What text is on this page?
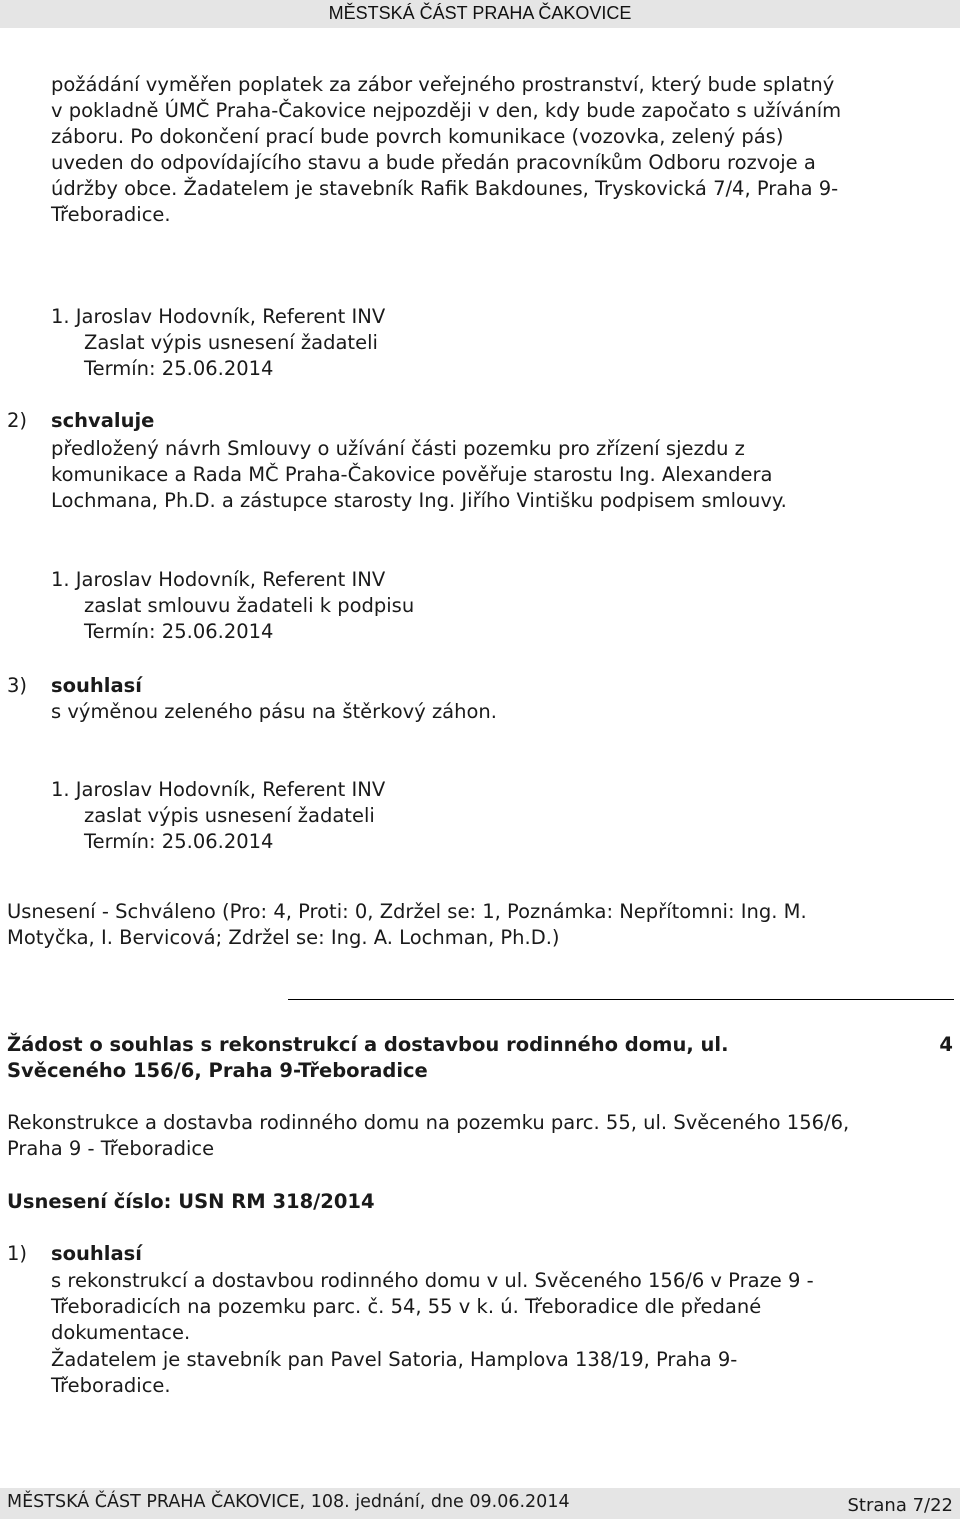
MĚSTSKÁ ČÁST PRAHA ČAKOVICE
požádání vyměřen poplatek za zábor veřejného prostranství, který bude splatný
v pokladně ÚMČ Praha-Čakovice nejpozději v den, kdy bude započato s užíváním
záboru. Po dokončení prací bude povrch komunikace (vozovka, zelený pás)
uveden do odpovídajícího stavu a bude předán pracovníkům Odboru rozvoje a
údržby obce. Žadatelem je stavebník Rafik Bakdounes, Tryskovická 7/4, Praha 9-
Třeboradice.
1. Jaroslav Hodovník, Referent INV
Zaslat výpis usnesení žadateli
Termín: 25.06.2014
2) schvaluje
předložený návrh Smlouvy o užívání části pozemku pro zřízení sjezdu z
komunikace a Rada MČ Praha-Čakovice pověřuje starostu Ing. Alexandera
Lochmana, Ph.D. a zástupce starosty Ing. Jiřího Vintišku podpisem smlouvy.
1. Jaroslav Hodovník, Referent INV
zaslat smlouvu žadateli k podpisu
Termín: 25.06.2014
3) souhlasí
s výměnou zeleného pásu na štěrkový záhon.
1. Jaroslav Hodovník, Referent INV
zaslat výpis usnesení žadateli
Termín: 25.06.2014
Usnesení - Schváleno (Pro: 4, Proti: 0, Zdržel se: 1, Poznámka: Nepřítomni: Ing. M.
Motyčka, I. Bervicová; Zdržel se: Ing. A. Lochman, Ph.D.)
Žádost o souhlas s rekonstrukcí a dostavbou rodinného domu, ul.	4
Svěceného 156/6, Praha 9-Třeboradice
Rekonstrukce a dostavba rodinného domu na pozemku parc. 55, ul. Svěceného 156/6,
Praha 9 - Třeboradice
Usnesení číslo: USN RM 318/2014
1) souhlasí
s rekonstrukcí a dostavbou rodinného domu v ul. Svěceného 156/6 v Praze 9 -
Třeboradicích na pozemku parc. č. 54, 55 v k. ú. Třeboradice dle předané
dokumentace.
Žadatelem je stavebník pan Pavel Satoria, Hamplova 138/19, Praha 9-
Třeboradice.
MĚSTSKÁ ČÁST PRAHA ČAKOVICE, 108. jednání, dne 09.06.2014	Strana 7/22
